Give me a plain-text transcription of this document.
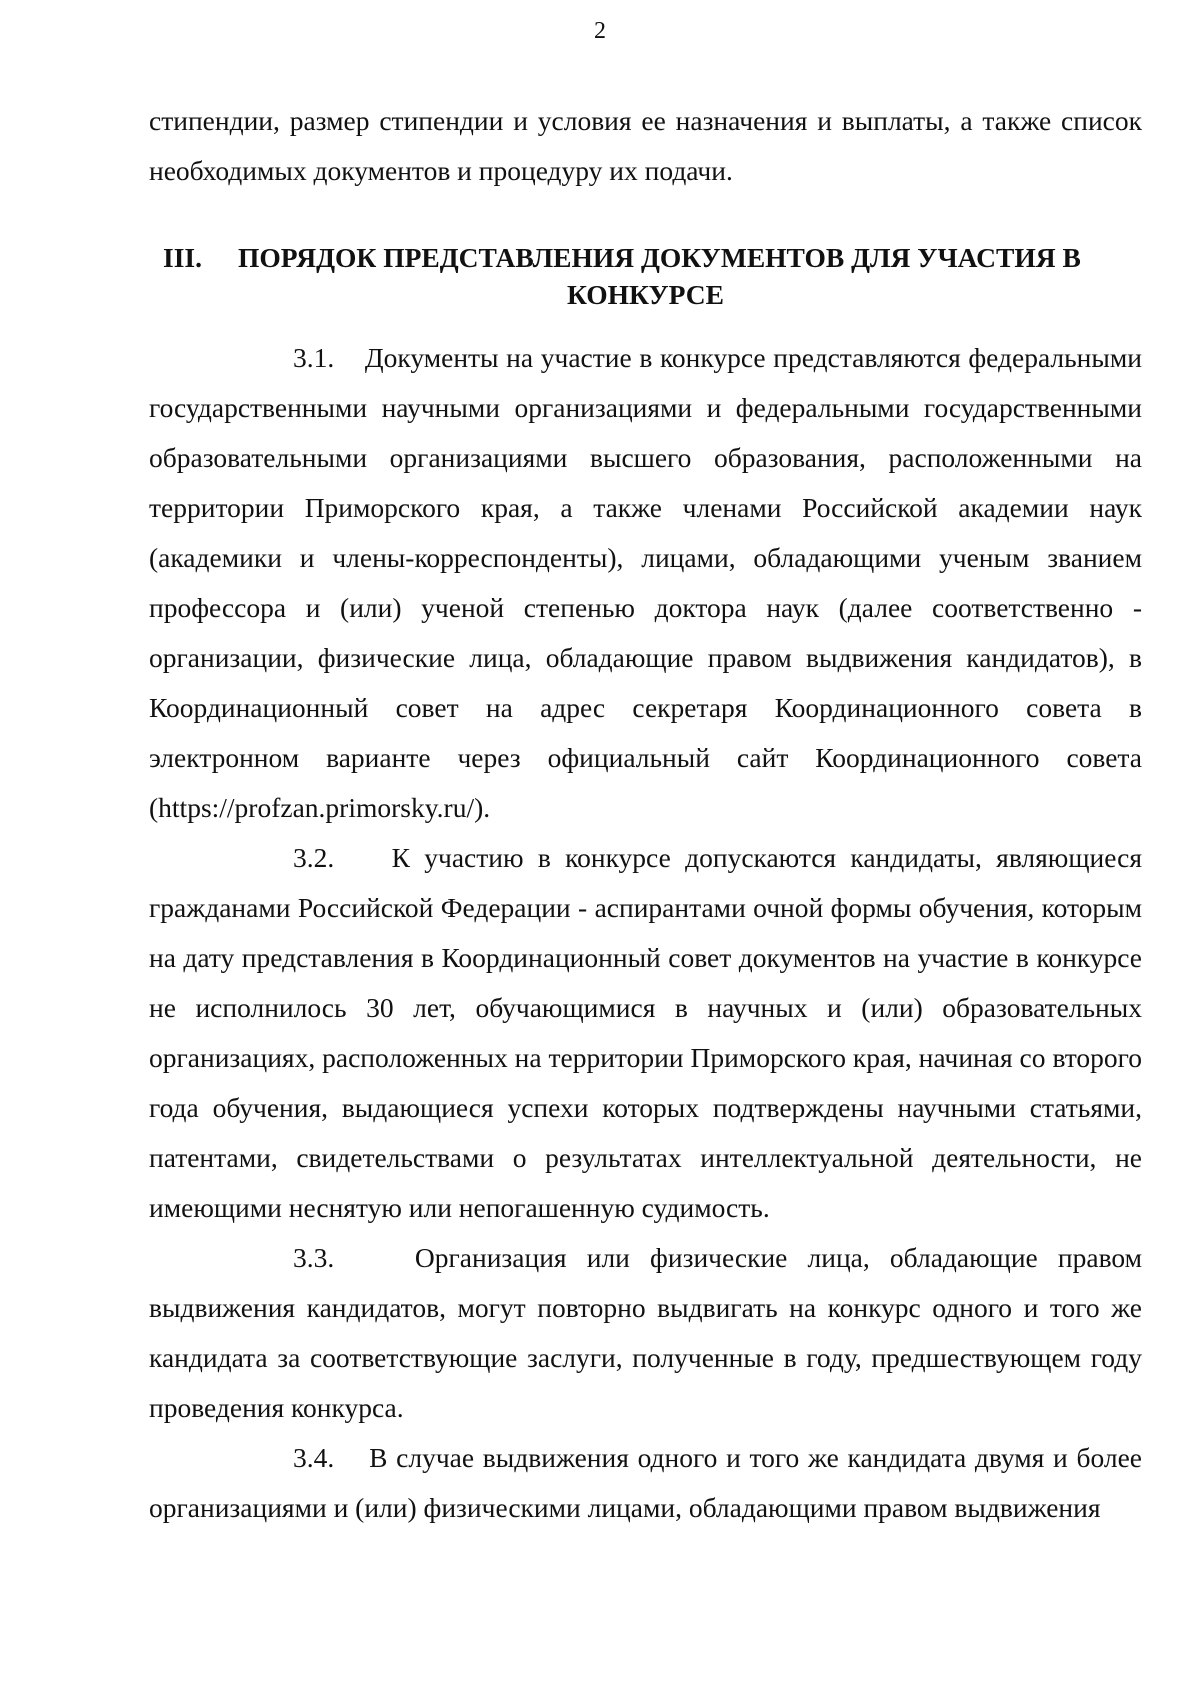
2

стипендии, размер стипендии и условия ее назначения и выплаты, а также список необходимых документов и процедуру их подачи.

III.	ПОРЯДОК ПРЕДСТАВЛЕНИЯ ДОКУМЕНТОВ ДЛЯ УЧАСТИЯ В
КОНКУРСЕ

3.1. Документы на участие в конкурсе представляются федеральными государственными научными организациями и федеральными государственными образовательными организациями высшего образования, расположенными на территории Приморского края, а также членами Российской академии наук (академики и члены-корреспонденты), лицами, обладающими ученым званием профессора и (или) ученой степенью доктора наук (далее соответственно - организации, физические лица, обладающие правом выдвижения кандидатов), в Координационный совет на адрес секретаря Координационного совета в электронном варианте через официальный сайт Координационного совета (https://profzan.primorsky.ru/).

3.2. К участию в конкурсе допускаются кандидаты, являющиеся гражданами Российской Федерации - аспирантами очной формы обучения, которым на дату представления в Координационный совет документов на участие в конкурсе не исполнилось 30 лет, обучающимися в научных и (или) образовательных организациях, расположенных на территории Приморского края, начиная со второго года обучения, выдающиеся успехи которых подтверждены научными статьями, патентами, свидетельствами о результатах интеллектуальной деятельности, не имеющими неснятую или непогашенную судимость.

3.3.	Организация или физические лица, обладающие правом выдвижения кандидатов, могут повторно выдвигать на конкурс одного и того же кандидата за соответствующие заслуги, полученные в году, предшествующем году проведения конкурса.

3.4. В случае выдвижения одного и того же кандидата двумя и более организациями и (или) физическими лицами, обладающими правом выдвижения
